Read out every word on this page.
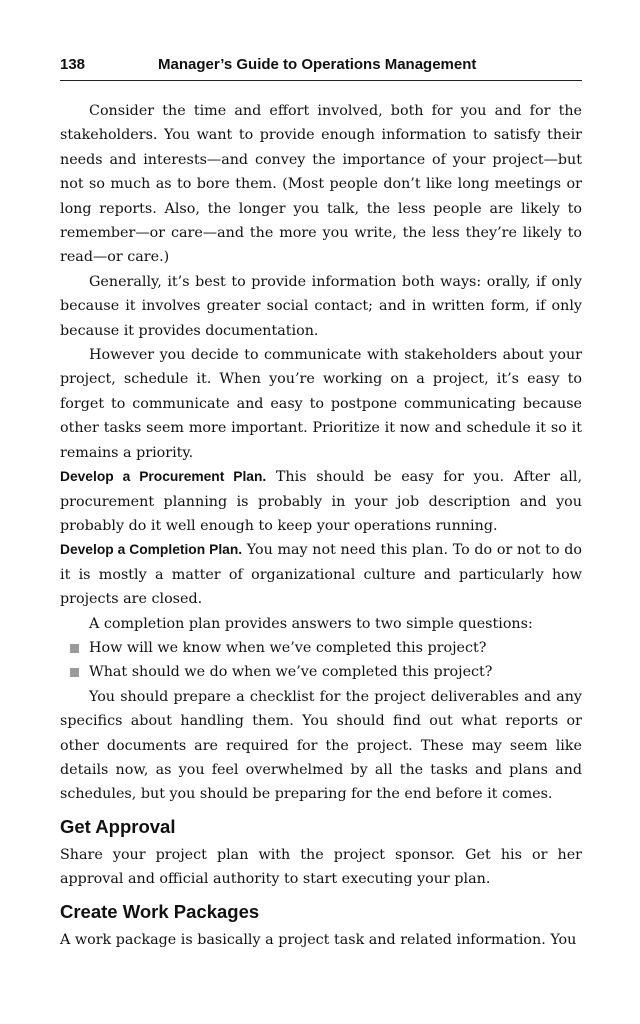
138	Manager’s Guide to Operations Management

Consider the time and effort involved, both for you and for the stakeholders. You want to provide enough information to satisfy their needs and interests—and convey the importance of your project—but not so much as to bore them. (Most people don’t like long meetings or long reports. Also, the longer you talk, the less people are likely to remember—or care—and the more you write, the less they’re likely to read—or care.)

Generally, it’s best to provide information both ways: orally, if only because it involves greater social contact; and in written form, if only because it provides documentation.

However you decide to communicate with stakeholders about your project, schedule it. When you’re working on a project, it’s easy to forget to communicate and easy to postpone communicating because other tasks seem more important. Prioritize it now and schedule it so it remains a priority.

Develop a Procurement Plan. This should be easy for you. After all, procurement planning is probably in your job description and you probably do it well enough to keep your operations running.

Develop a Completion Plan. You may not need this plan. To do or not to do it is mostly a matter of organizational culture and particularly how projects are closed.

A completion plan provides answers to two simple questions:

How will we know when we’ve completed this project?
What should we do when we’ve completed this project?

You should prepare a checklist for the project deliverables and any specifics about handling them. You should find out what reports or other documents are required for the project. These may seem like details now, as you feel overwhelmed by all the tasks and plans and schedules, but you should be preparing for the end before it comes.

Get Approval

Share your project plan with the project sponsor. Get his or her approval and official authority to start executing your plan.

Create Work Packages

A work package is basically a project task and related information. You
